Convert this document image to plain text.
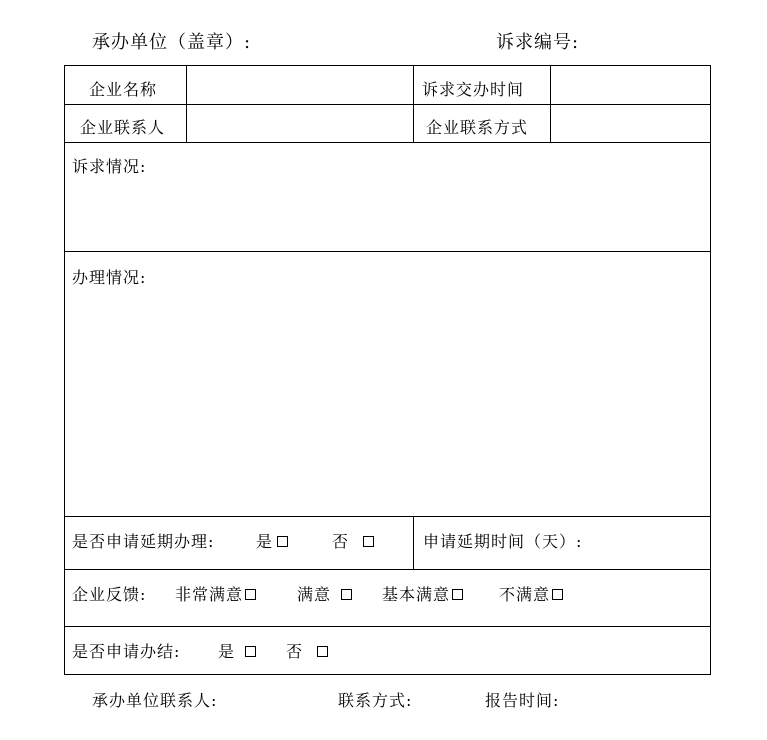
承办单位（盖章）:	诉求编号:
企业名称	诉求交办时间
企业联系人	企业联系方式
诉求情况:
办理情况:
是否申请延期办理:	是	否	申请延期时间（天）:
企业反馈: 非常满意	满意	基本满意	不满意
是否申请办结: 是	否
承办单位联系人:	联系方式:	报告时间:
